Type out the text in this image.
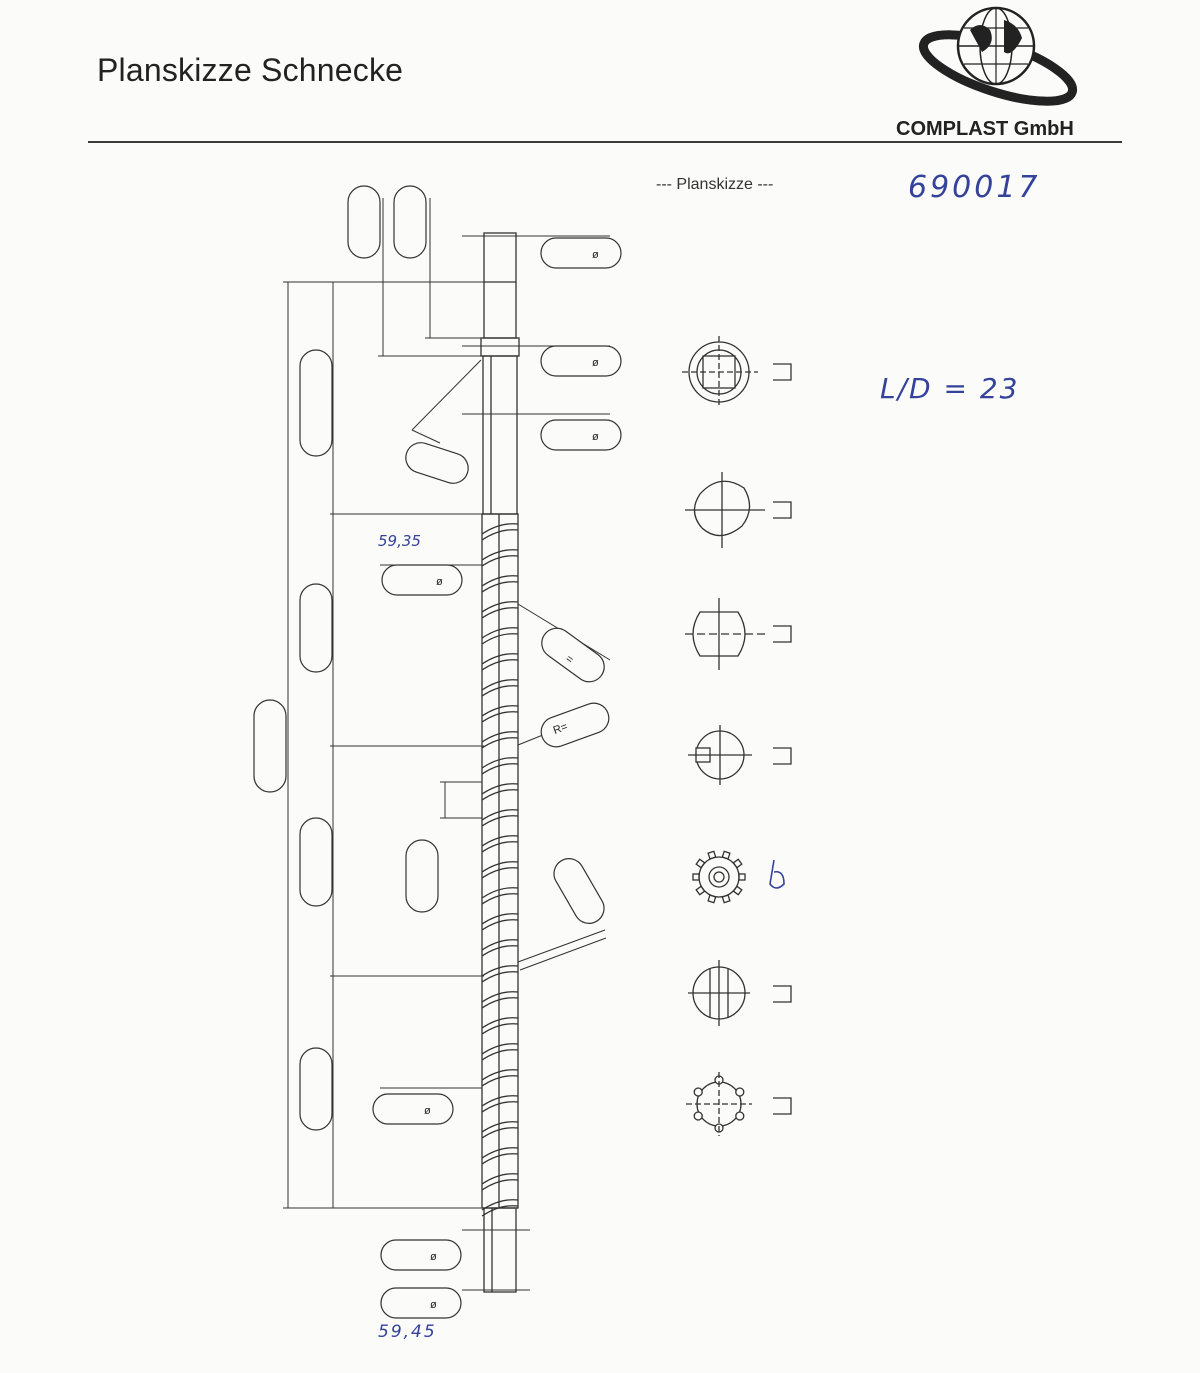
Planskizze Schnecke
COMPLAST GmbH
--- Planskizze ---	690017
L/D = 23
59,35
59,45
ø
ø
ø
ø
ø
ø
ø
R=
=
